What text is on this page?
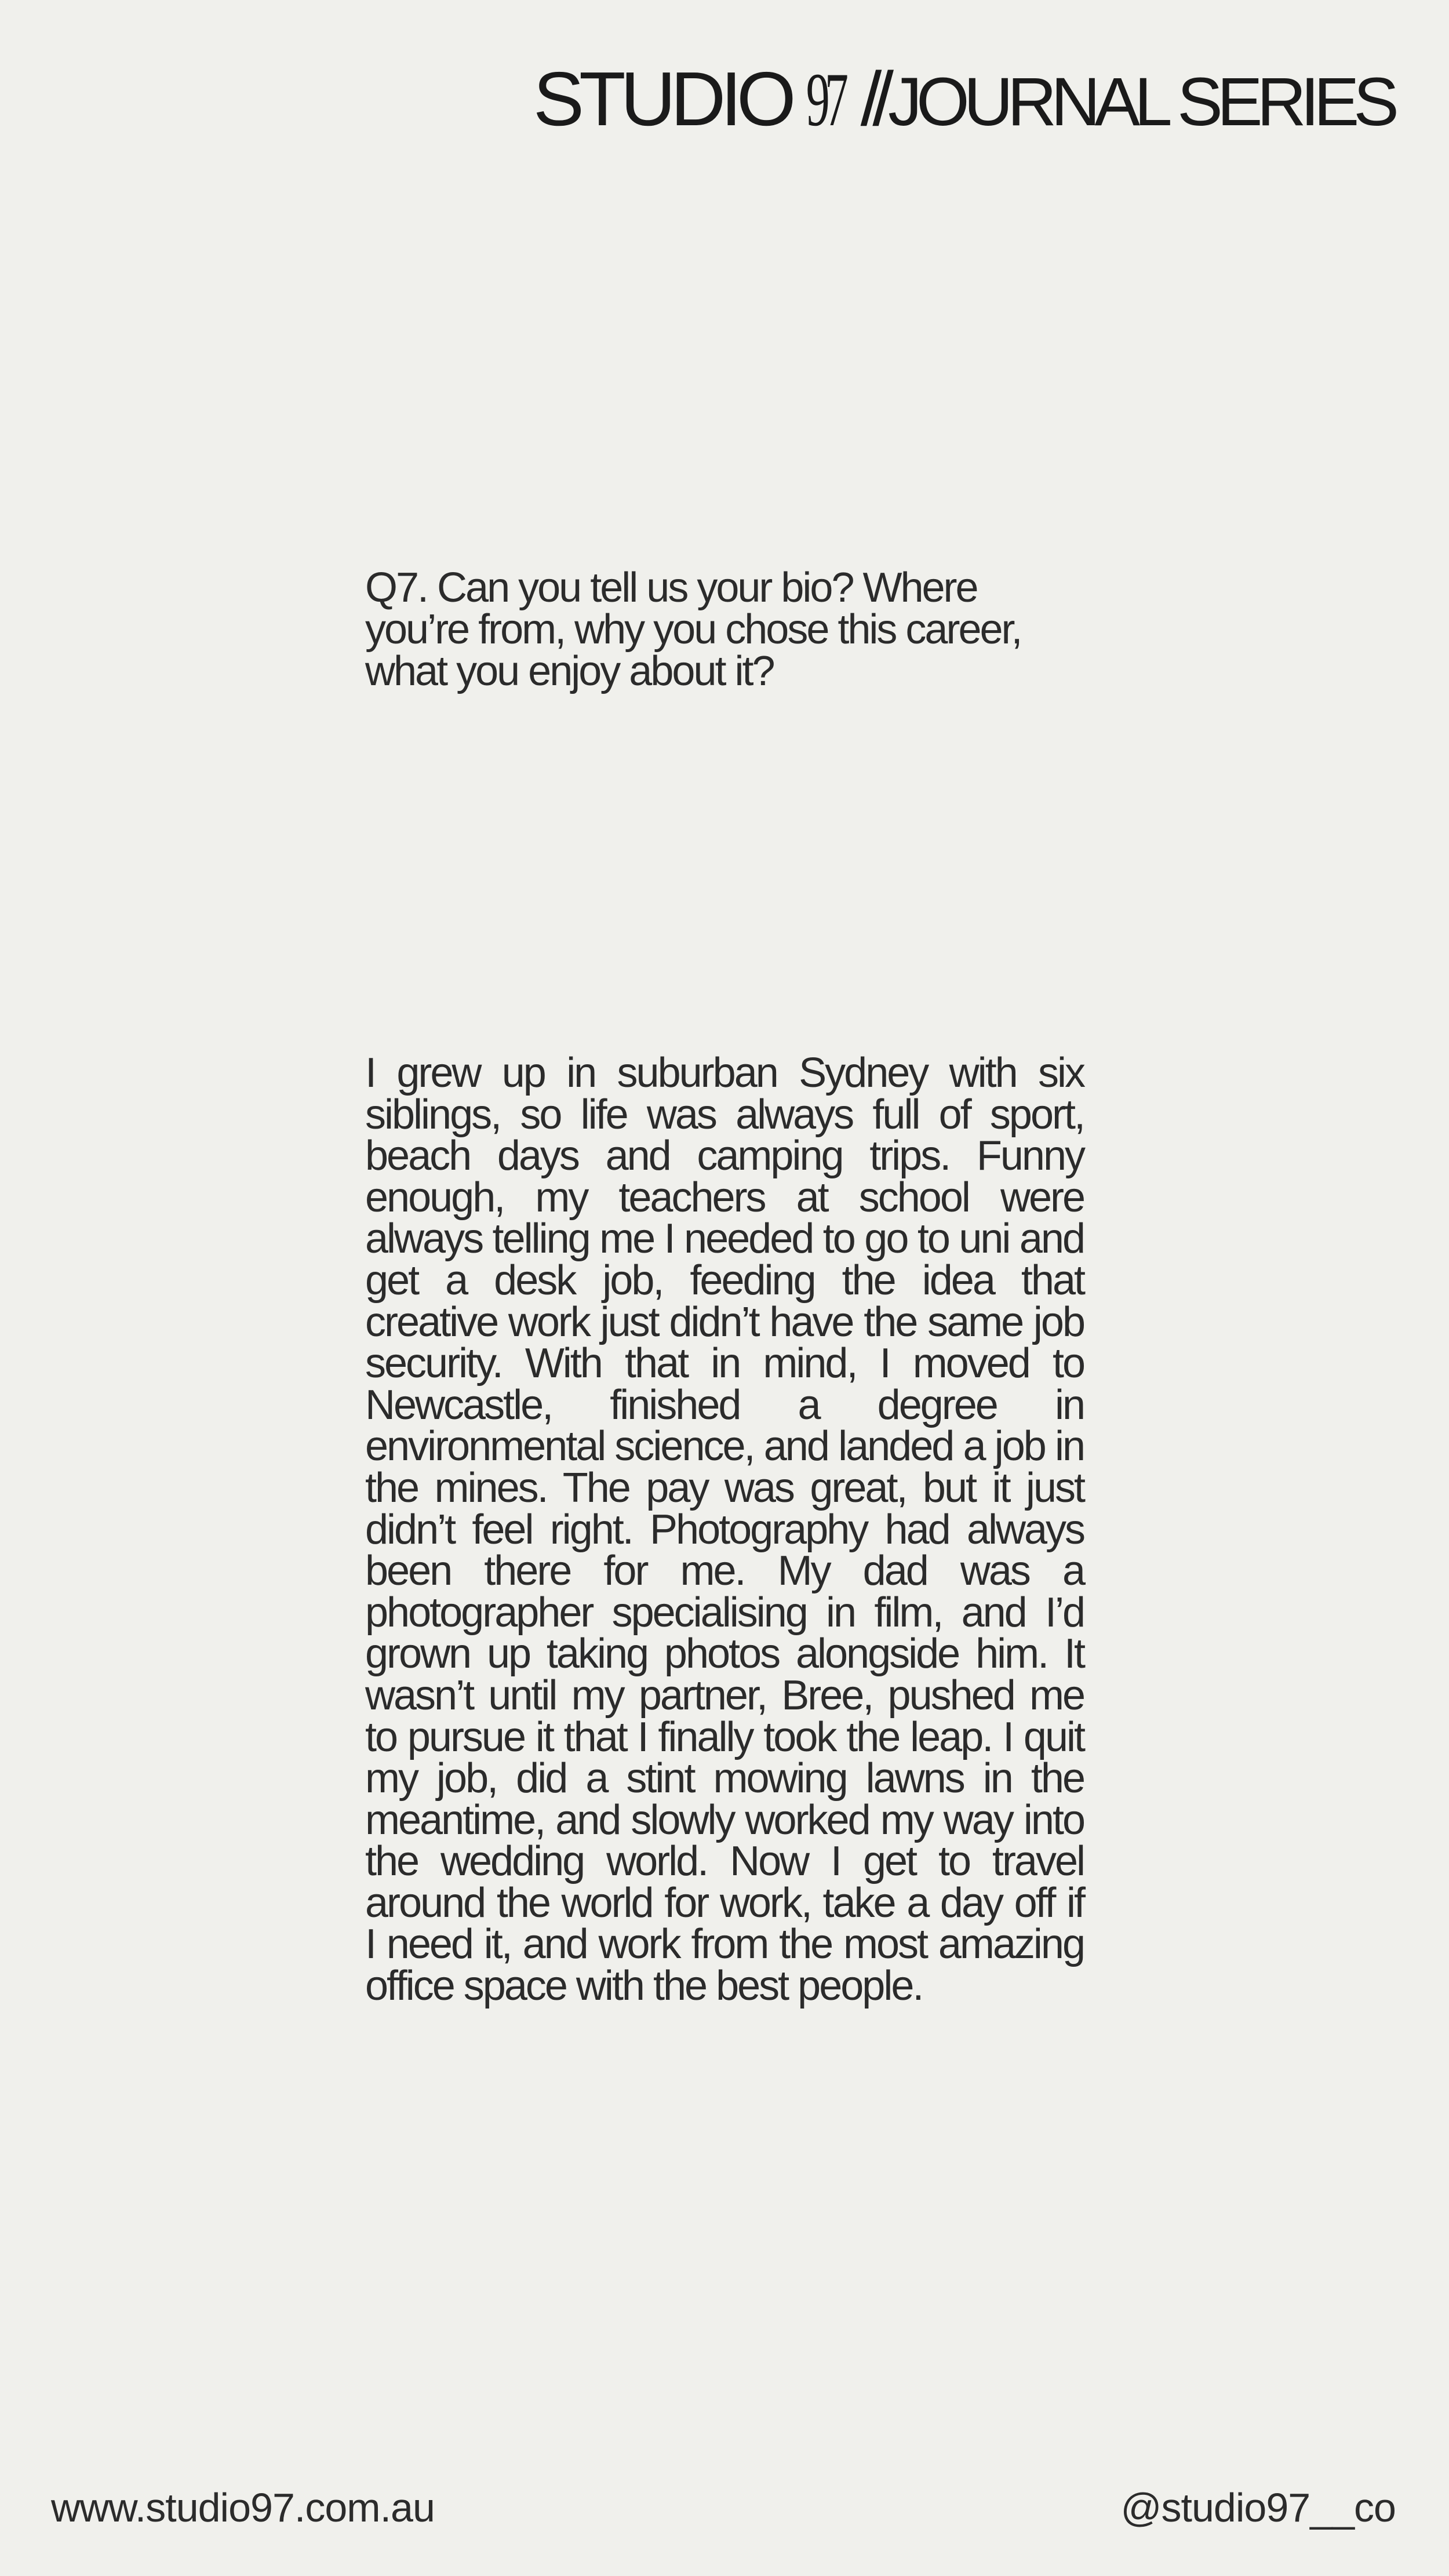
STUDIO 97 // JOURNAL SERIES
Q7. Can you tell us your bio? Where you’re from, why you chose this career, what you enjoy about it?
I grew up in suburban Sydney with six siblings, so life was always full of sport, beach days and camping trips. Funny enough, my teachers at school were always telling me I needed to go to uni and get a desk job, feeding the idea that creative work just didn’t have the same job security. With that in mind, I moved to Newcastle, finished a degree in environmental science, and landed a job in the mines. The pay was great, but it just didn’t feel right. Photography had always been there for me. My dad was a photographer specialising in film, and I’d grown up taking photos alongside him. It wasn’t until my partner, Bree, pushed me to pursue it that I finally took the leap. I quit my job, did a stint mowing lawns in the meantime, and slowly worked my way into the wedding world. Now I get to travel around the world for work, take a day off if I need it, and work from the most amazing office space with the best people.
www.studio97.com.au	@studio97__co
